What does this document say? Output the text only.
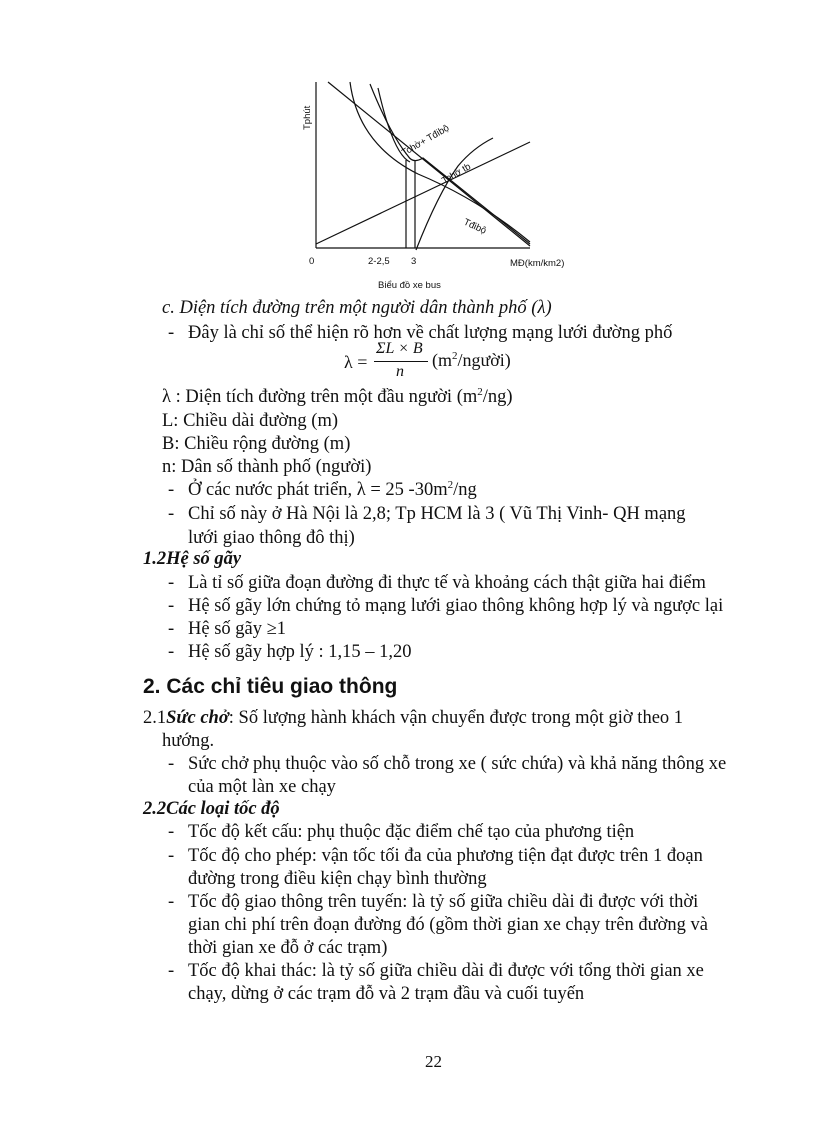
Tphút
Tchờ+ Tđibộ
Tchờ tb
Tđibộ
0	2-2,5 3	MĐ(km/km2)
Biểu đồ xe bus
c. Diện tích đường trên một người dân thành phố (λ)
- Đây là chỉ số thể hiện rõ hơn về chất lượng mạng lưới đường phố
λ =
ΣL × B
n
$(m^2/người)$
λ : Diện tích đường trên một đầu người $(m^2/ng)$
L: Chiều dài đường (m)
B: Chiều rộng đường (m)
n: Dân số thành phố (người)
- Ở các nước phát triển, λ = 25 $-30m^2/ng$
- Chỉ số này ở Hà Nội là 2,8; Tp HCM là 3 ( Vũ Thị Vinh- QH mạng
lưới giao thông đô thị)
1.2Hệ số gãy
- Là tỉ số giữa đoạn đường đi thực tế và khoảng cách thật giữa hai điểm
- Hệ số gãy lớn chứng tỏ mạng lưới giao thông không hợp lý và ngược lại
- Hệ số gãy ≥1
- Hệ số gãy hợp lý : 1,15 – 1,20
2. Các chỉ tiêu giao thông
2.1Sức chở: Số lượng hành khách vận chuyển được trong một giờ theo 1
hướng.
- Sức chở phụ thuộc vào số chỗ trong xe ( sức chứa) và khả năng thông xe
của một làn xe chạy
2.2Các loại tốc độ
- Tốc độ kết cấu: phụ thuộc đặc điểm chế tạo của phương tiện
- Tốc độ cho phép: vận tốc tối đa của phương tiện đạt được trên 1 đoạn
đường trong điều kiện chạy bình thường
- Tốc độ giao thông trên tuyến: là tỷ số giữa chiều dài đi được với thời
gian chi phí trên đoạn đường đó (gồm thời gian xe chạy trên đường và
thời gian xe đỗ ở các trạm)
- Tốc độ khai thác: là tỷ số giữa chiều dài đi được với tổng thời gian xe
chạy, dừng ở các trạm đỗ và 2 trạm đầu và cuối tuyến
22
